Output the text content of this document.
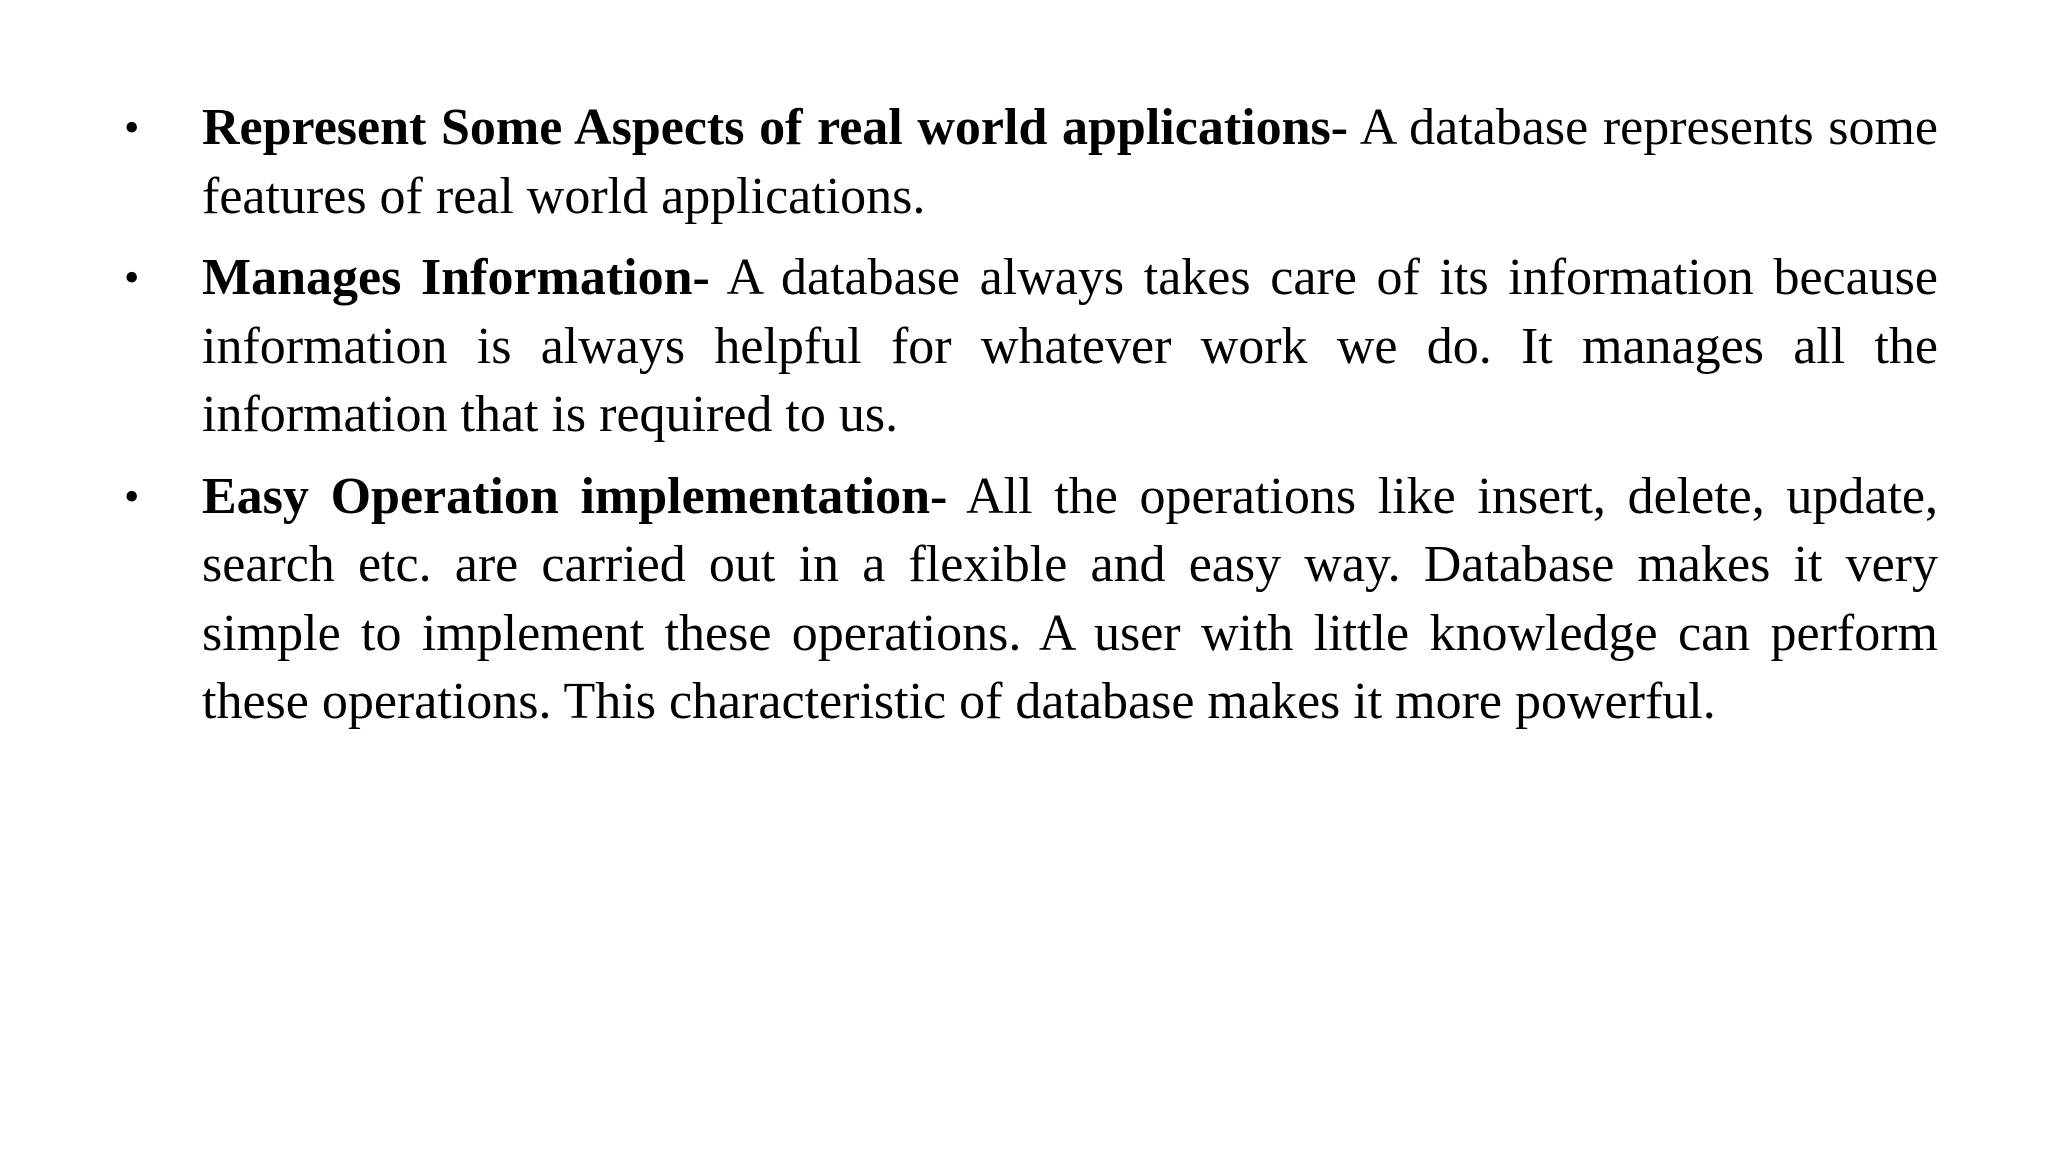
• Represent Some Aspects of real world applications- A database represents some features of real world applications.
• Manages Information- A database always takes care of its information because information is always helpful for whatever work we do. It manages all the information that is required to us.
• Easy Operation implementation- All the operations like insert, delete, update, search etc. are carried out in a flexible and easy way. Database makes it very simple to implement these operations. A user with little knowledge can perform these operations. This characteristic of database makes it more powerful.
